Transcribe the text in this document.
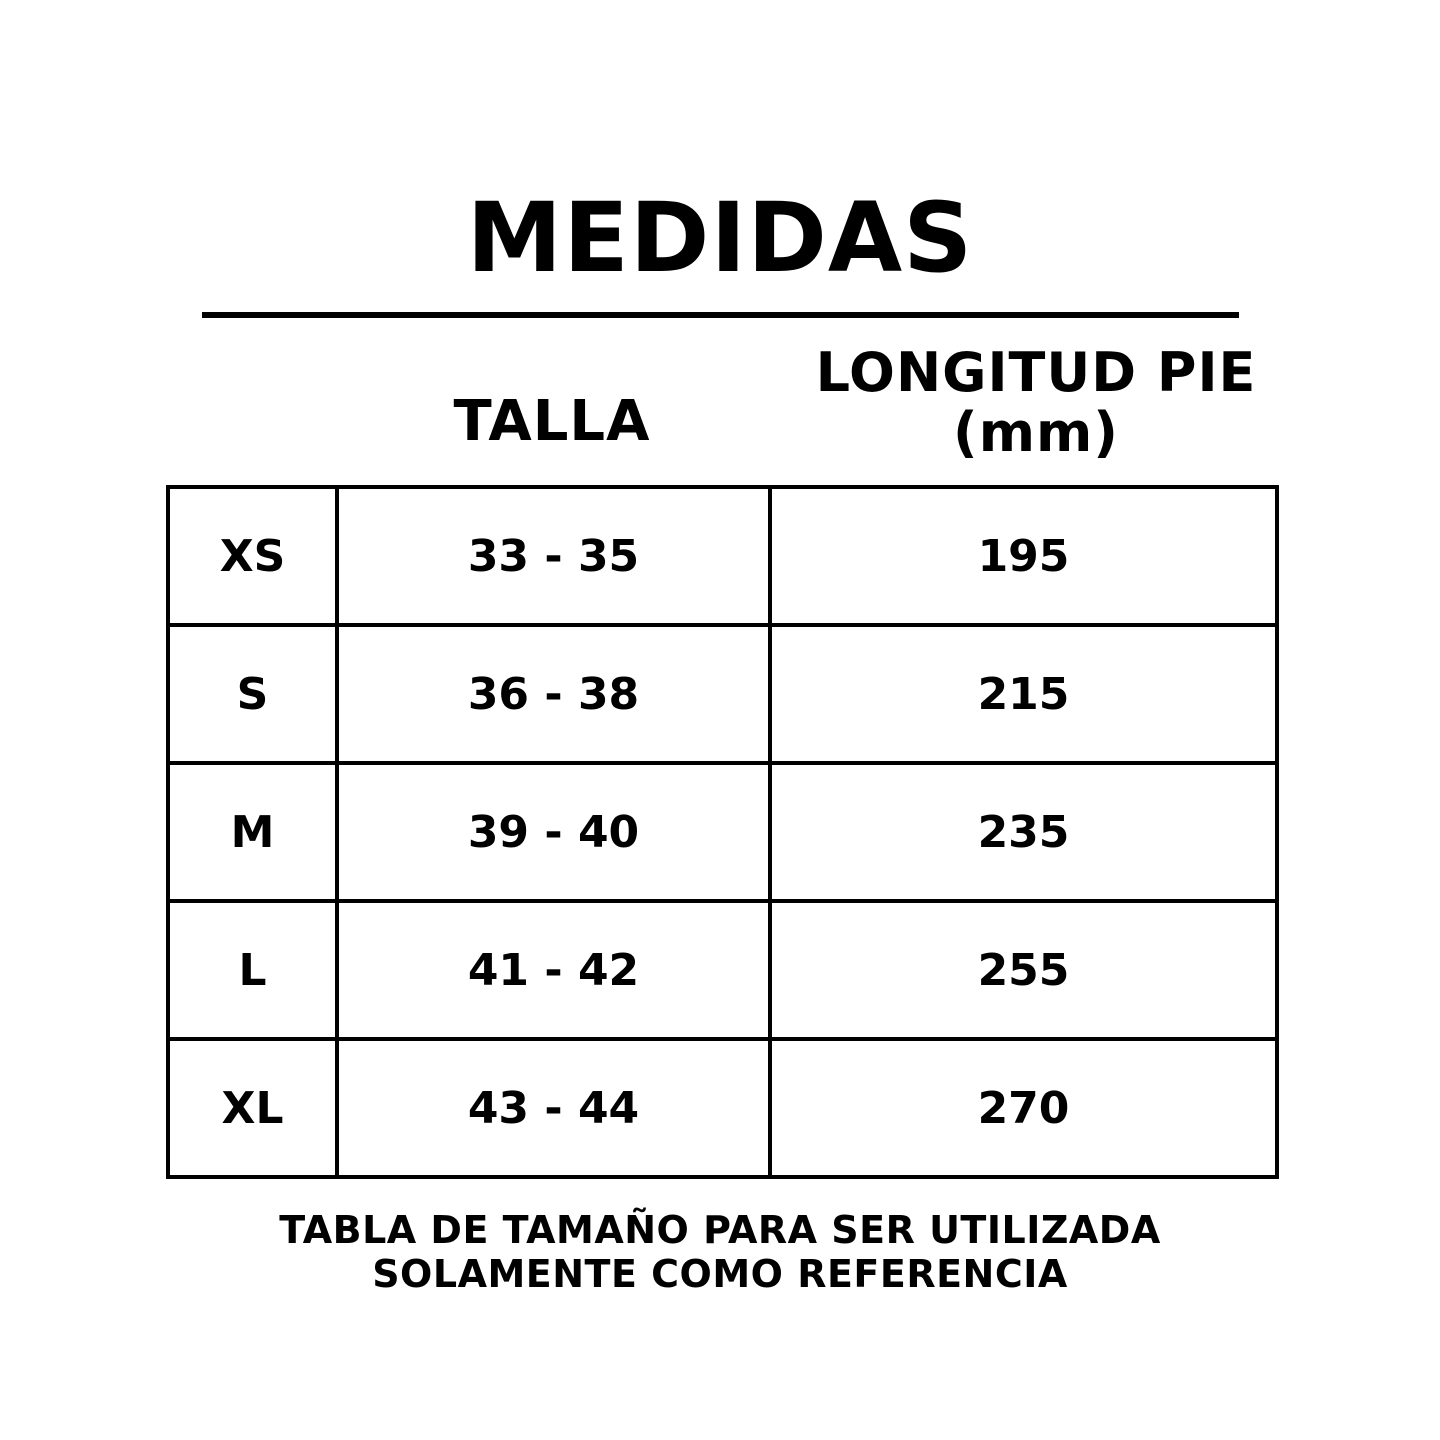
MEDIDAS
TALLA
LONGITUD PIE
(mm)
XS	33 - 35	195
S	36 - 38	215
M	39 - 40	235
L	41 - 42	255
XL	43 - 44	270
TABLA DE TAMAÑO PARA SER UTILIZADA
SOLAMENTE COMO REFERENCIA
